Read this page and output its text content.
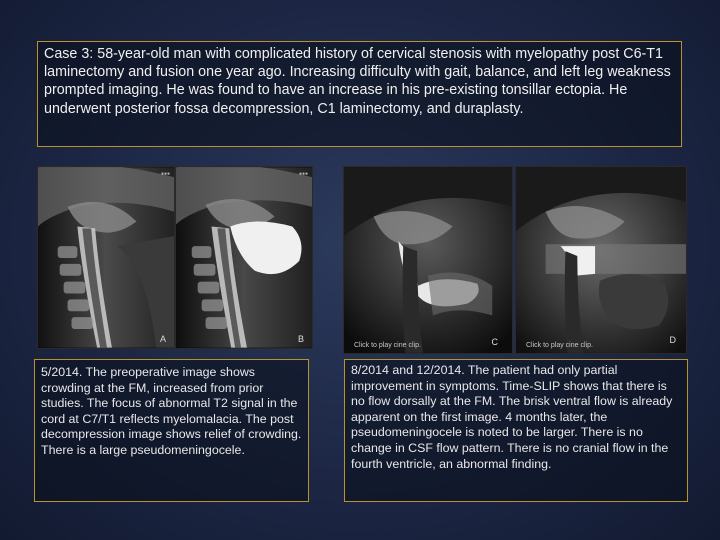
Case 3: 58-year-old man with complicated history of cervical stenosis with myelopathy post C6-T1 laminectomy and fusion one year ago. Increasing difficulty with gait, balance, and left leg weakness prompted imaging. He was found to have an increase in his pre-existing tonsillar ectopia. He underwent posterior fossa decompression, C1 laminectomy, and duraplasty.
▪▪▪
A
▪▪▪
B
Click to play cine clip.	C	Click to play cine clip.
D
5/2014. The preoperative image shows crowding at the FM, increased from prior studies. The focus of abnormal T2 signal in the cord at C7/T1 reflects myelomalacia. The post decompression image shows relief of crowding. There is a large pseudomeningocele.
8/2014 and 12/2014. The patient had only partial improvement in symptoms. Time-SLIP shows that there is no flow dorsally at the FM. The brisk ventral flow is already apparent on the first image. 4 months later, the pseudomeningocele is noted to be larger. There is no change in CSF flow pattern. There is no cranial flow in the fourth ventricle, an abnormal finding.
